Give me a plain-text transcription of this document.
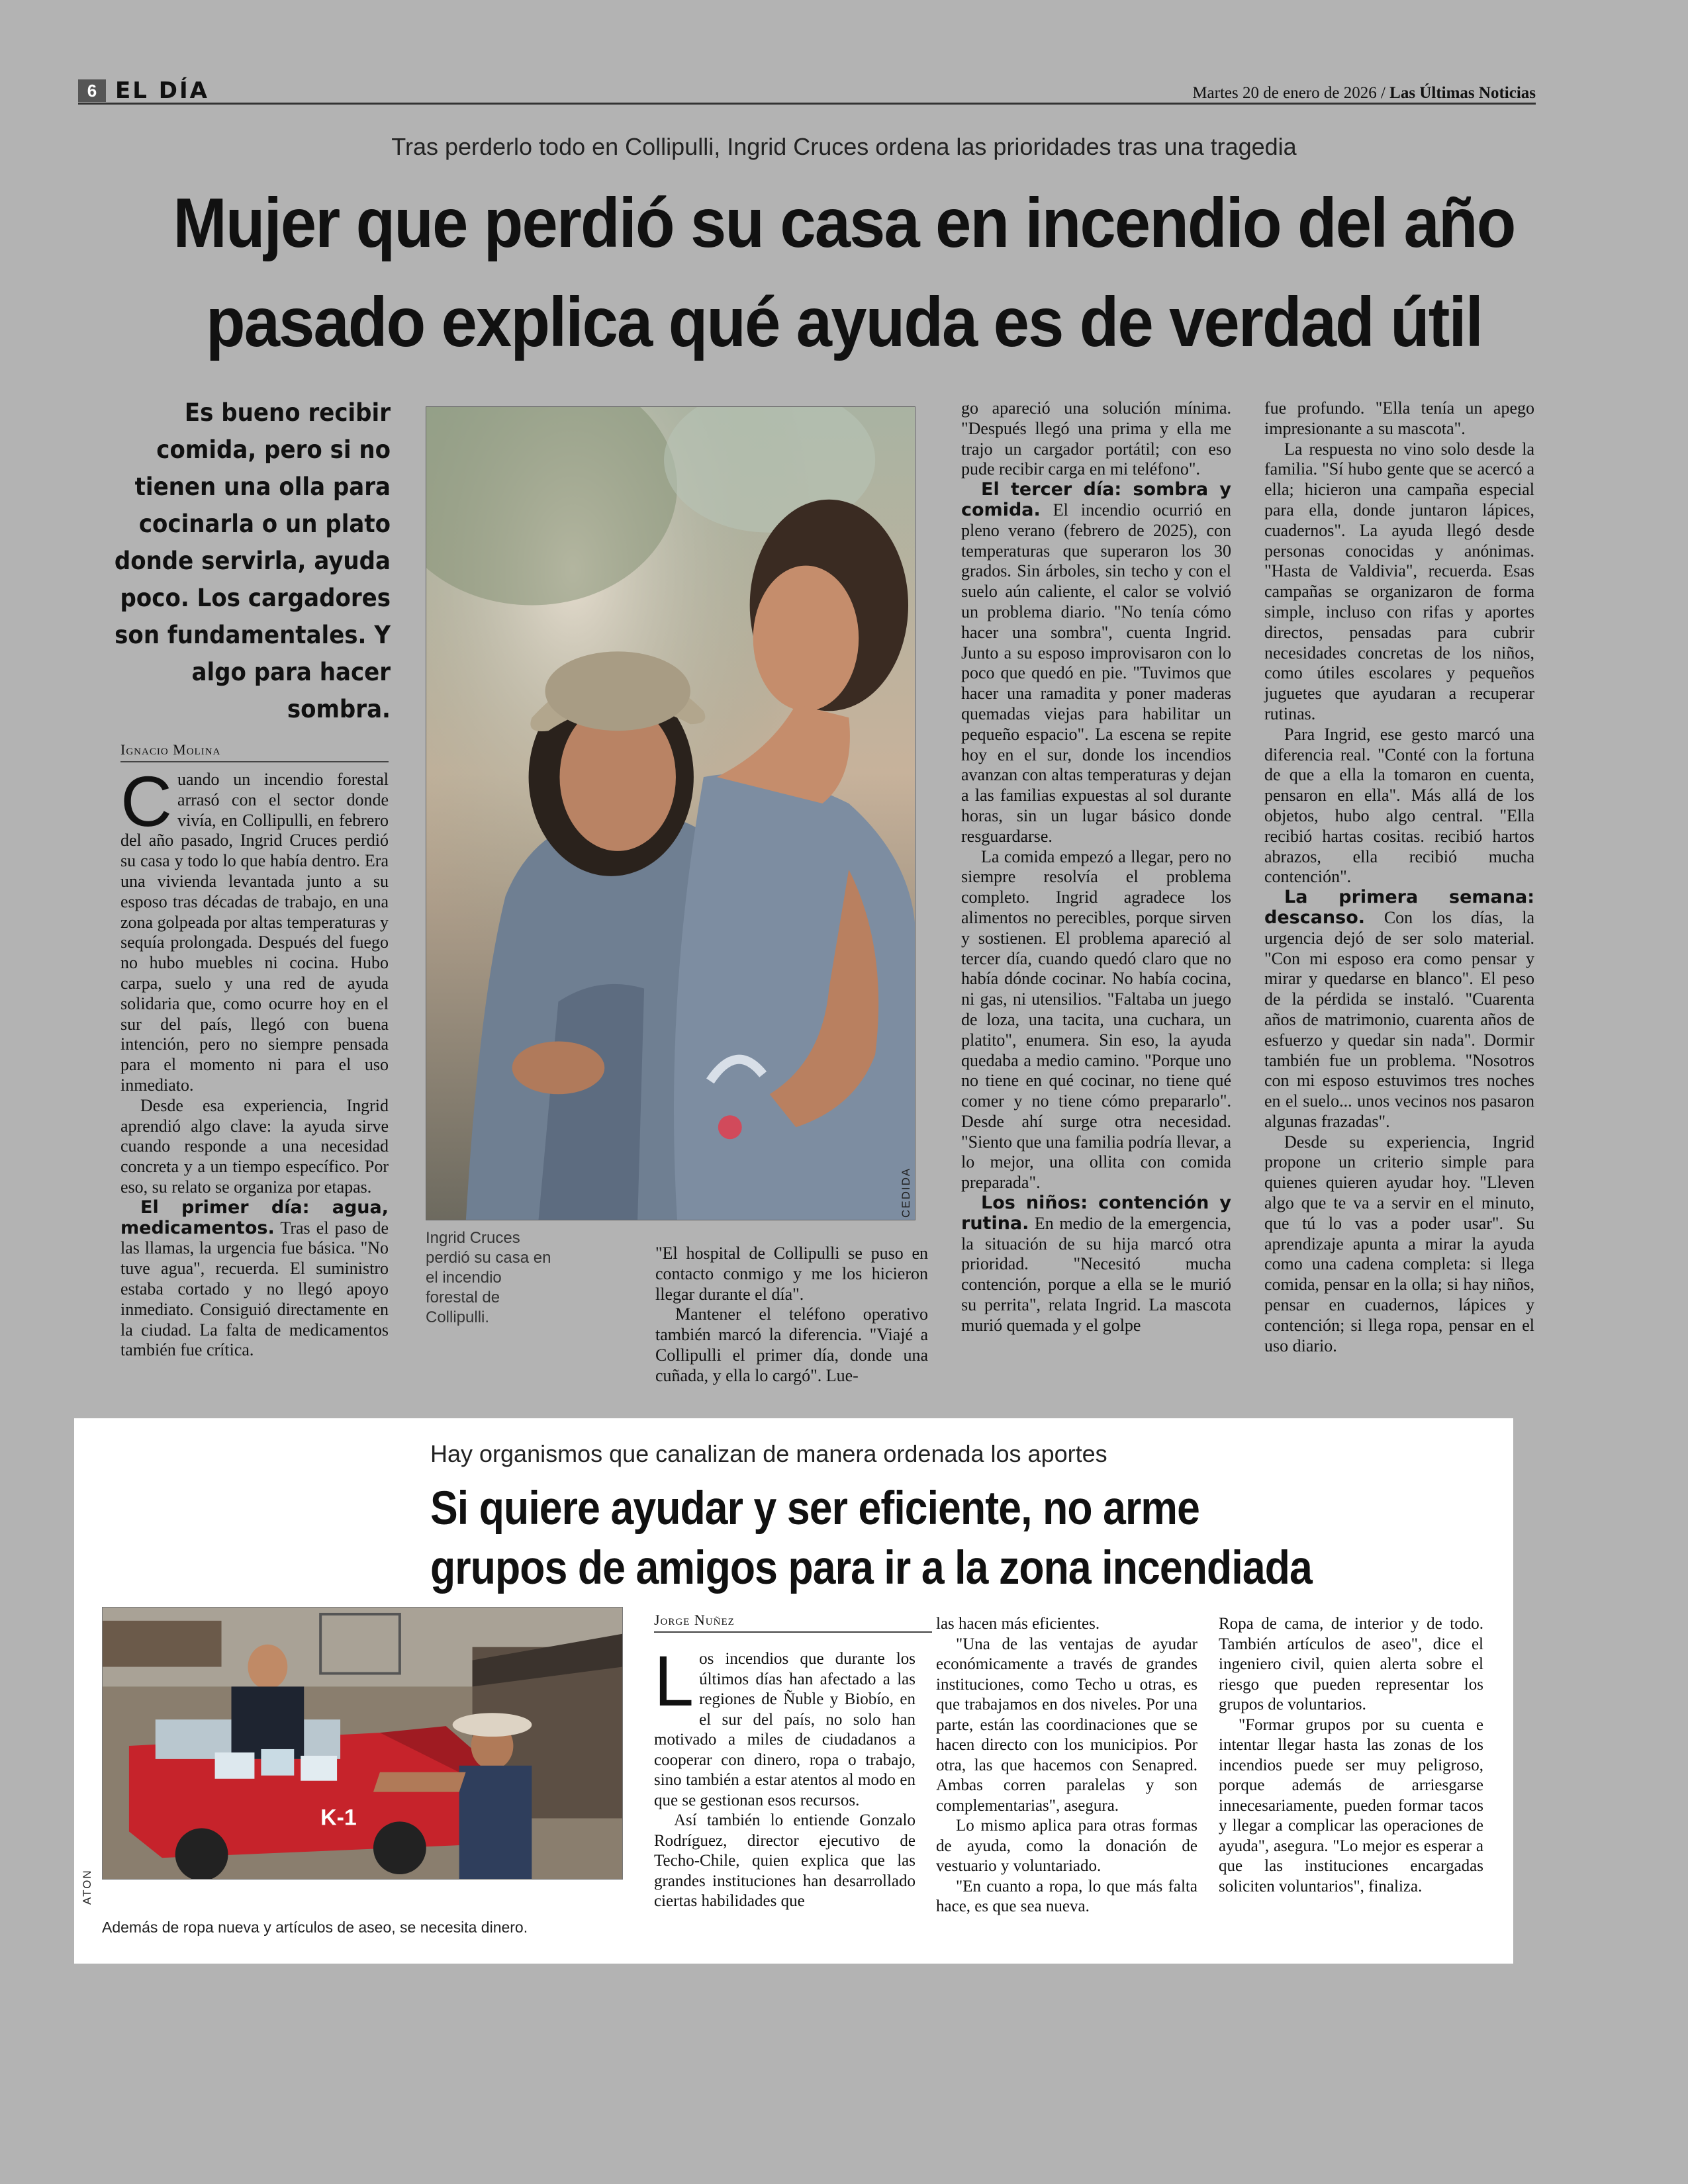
6 EL DÍA	Martes 20 de enero de 2026 / Las Últimas Noticias
Tras perderlo todo en Collipulli, Ingrid Cruces ordena las prioridades tras una tragedia
Mujer que perdió su casa en incendio del año
pasado explica qué ayuda es de verdad útil
Es bueno recibir comida, pero si no tienen una olla para cocinarla o un plato donde servirla, ayuda poco. Los cargadores son fundamentales. Y algo para hacer sombra.
Ignacio Molina

Cuando un incendio forestal arrasó con el sector donde vivía, en Collipulli, en febrero del año pasado, Ingrid Cruces perdió su casa y todo lo que había dentro. Era una vivienda levantada junto a su esposo tras décadas de trabajo, en una zona golpeada por altas temperaturas y sequía prolongada. Después del fuego no hubo muebles ni cocina. Hubo carpa, suelo y una red de ayuda solidaria que, como ocurre hoy en el sur del país, llegó con buena intención, pero no siempre pensada para el momento ni para el uso inmediato.

Desde esa experiencia, Ingrid aprendió algo clave: la ayuda sirve cuando responde a una necesidad concreta y a un tiempo específico. Por eso, su relato se organiza por etapas.

El primer día: agua, medicamentos. Tras el paso de las llamas, la urgencia fue básica. "No tuve agua", recuerda. El suministro estaba cortado y no llegó apoyo inmediato. Consiguió directamente en la ciudad. La falta de medicamentos también fue crítica.

CEDIDA
Ingrid Cruces perdió su casa en el incendio forestal de Collipulli.

"El hospital de Collipulli se puso en contacto conmigo y me los hicieron llegar durante el día".

Mantener el teléfono operativo también marcó la diferencia. "Viajé a Collipulli el primer día, donde una cuñada, y ella lo cargó". Lue-

go apareció una solución mínima. "Después llegó una prima y ella me trajo un cargador portátil; con eso pude recibir carga en mi teléfono".

El tercer día: sombra y comida. El incendio ocurrió en pleno verano (febrero de 2025), con temperaturas que superaron los 30 grados. Sin árboles, sin techo y con el suelo aún caliente, el calor se volvió un problema diario. "No tenía cómo hacer una sombra", cuenta Ingrid. Junto a su esposo improvisaron con lo poco que quedó en pie. "Tuvimos que hacer una ramadita y poner maderas quemadas viejas para habilitar un pequeño espacio". La escena se repite hoy en el sur, donde los incendios avanzan con altas temperaturas y dejan a las familias expuestas al sol durante horas, sin un lugar básico donde resguardarse.

La comida empezó a llegar, pero no siempre resolvía el problema completo. Ingrid agradece los alimentos no perecibles, porque sirven y sostienen. El problema apareció al tercer día, cuando quedó claro que no había dónde cocinar. No había cocina, ni gas, ni utensilios. "Faltaba un juego de loza, una tacita, una cuchara, un platito", enumera. Sin eso, la ayuda quedaba a medio camino. "Porque uno no tiene en qué cocinar, no tiene qué comer y no tiene cómo prepararlo". Desde ahí surge otra necesidad. "Siento que una familia podría llevar, a lo mejor, una ollita con comida preparada".

Los niños: contención y rutina. En medio de la emergencia, la situación de su hija marcó otra prioridad. "Necesitó mucha contención, porque a ella se le murió su perrita", relata Ingrid. La mascota murió quemada y el golpe

fue profundo. "Ella tenía un apego impresionante a su mascota".

La respuesta no vino solo desde la familia. "Sí hubo gente que se acercó a ella; hicieron una campaña especial para ella, donde juntaron lápices, cuadernos". La ayuda llegó desde personas conocidas y anónimas. "Hasta de Valdivia", recuerda. Esas campañas se organizaron de forma simple, incluso con rifas y aportes directos, pensadas para cubrir necesidades concretas de los niños, como útiles escolares y pequeños juguetes que ayudaran a recuperar rutinas.

Para Ingrid, ese gesto marcó una diferencia real. "Conté con la fortuna de que a ella la tomaron en cuenta, pensaron en ella". Más allá de los objetos, hubo algo central. "Ella recibió hartas cositas. recibió hartos abrazos, ella recibió mucha contención".

La primera semana: descanso. Con los días, la urgencia dejó de ser solo material. "Con mi esposo era como pensar y mirar y quedarse en blanco". El peso de la pérdida se instaló. "Cuarenta años de matrimonio, cuarenta años de esfuerzo y quedar sin nada". Dormir también fue un problema. "Nosotros con mi esposo estuvimos tres noches en el suelo... unos vecinos nos pasaron algunas frazadas".

Desde su experiencia, Ingrid propone un criterio simple para quienes quieren ayudar hoy. "Lleven algo que te va a servir en el minuto, que tú lo vas a poder usar". Su aprendizaje apunta a mirar la ayuda como una cadena completa: si llega comida, pensar en la olla; si hay niños, pensar en cuadernos, lápices y contención; si llega ropa, pensar en el uso diario.

Hay organismos que canalizan de manera ordenada los aportes
Si quiere ayudar y ser eficiente, no arme
grupos de amigos para ir a la zona incendiada
K-1
ATON
Además de ropa nueva y artículos de aseo, se necesita dinero.
Jorge Nuñez

Los incendios que durante los últimos días han afectado a las regiones de Ñuble y Biobío, en el sur del país, no solo han motivado a miles de ciudadanos a cooperar con dinero, ropa o trabajo, sino también a estar atentos al modo en que se gestionan esos recursos.

Así también lo entiende Gonzalo Rodríguez, director ejecutivo de Techo-Chile, quien explica que las grandes instituciones han desarrollado ciertas habilidades que

las hacen más eficientes.

"Una de las ventajas de ayudar económicamente a través de grandes instituciones, como Techo u otras, es que trabajamos en dos niveles. Por una parte, están las coordinaciones que se hacen directo con los municipios. Por otra, las que hacemos con Senapred. Ambas corren paralelas y son complementarias", asegura.

Lo mismo aplica para otras formas de ayuda, como la donación de vestuario y voluntariado.

"En cuanto a ropa, lo que más falta hace, es que sea nueva.

Ropa de cama, de interior y de todo. También artículos de aseo", dice el ingeniero civil, quien alerta sobre el riesgo que pueden representar los grupos de voluntarios.

"Formar grupos por su cuenta e intentar llegar hasta las zonas de los incendios puede ser muy peligroso, porque además de arriesgarse innecesariamente, pueden formar tacos y llegar a complicar las operaciones de ayuda", asegura. "Lo mejor es esperar a que las instituciones encargadas soliciten voluntarios", finaliza.
